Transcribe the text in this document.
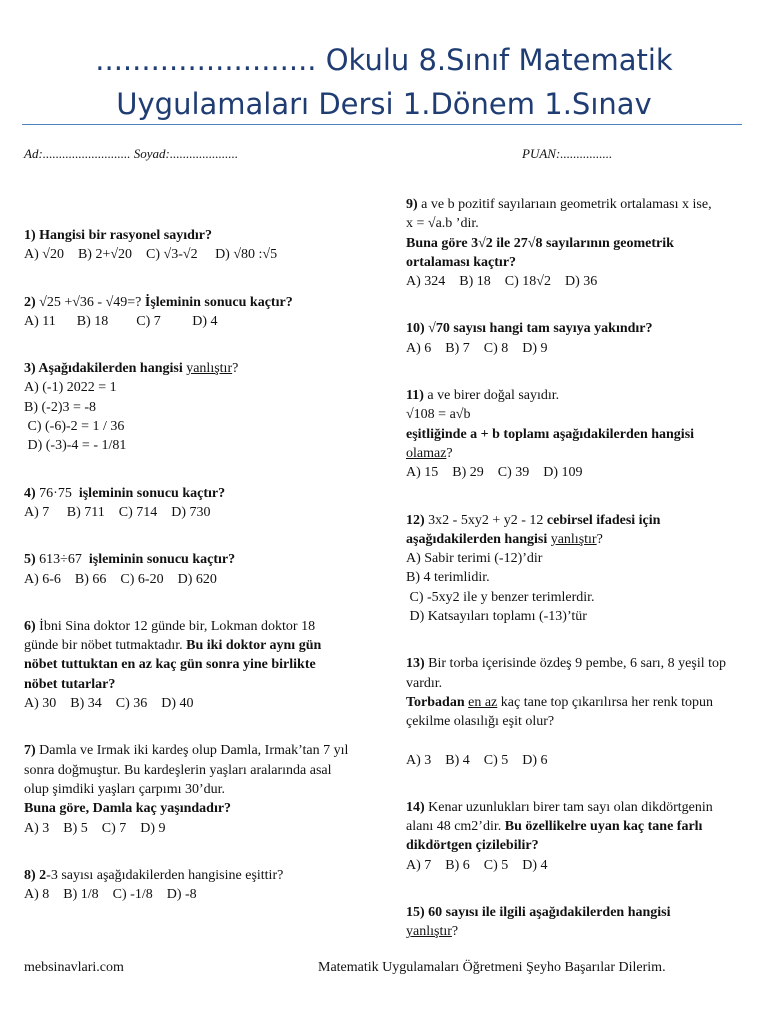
........................ Okulu 8.Sınıf Matematik
Uygulamaları Dersi 1.Dönem 1.Sınav
Ad:........................... Soyad:.....................	PUAN:................
1) Hangisi bir rasyonel sayıdır?
A) √20    B) 2+√20    C) √3-√2     D) √80 :√5
2) √25 +√36 - √49=? İşleminin sonucu kaçtır?
A) 11      B) 18        C) 7         D) 4
3) Aşağıdakilerden hangisi yanlıştır?
A) (-1) 2022 = 1
B) (-2)3 = -8
C) (-6)-2 = 1 / 36
D) (-3)-4 = - 1/81
4) 76·75  işleminin sonucu kaçtır?
A) 7     B) 711    C) 714    D) 730
5) 613÷67  işleminin sonucu kaçtır?
A) 6-6    B) 66    C) 6-20    D) 620
6) İbni Sina doktor 12 günde bir, Lokman doktor 18
günde bir nöbet tutmaktadır. Bu iki doktor aynı gün
nöbet tuttuktan en az kaç gün sonra yine birlikte
nöbet tutarlar?
A) 30    B) 34    C) 36    D) 40
7) Damla ve Irmak iki kardeş olup Damla, Irmak’tan 7 yıl
sonra doğmuştur. Bu kardeşlerin yaşları aralarında asal
olup şimdiki yaşları çarpımı 30’dur.
Buna göre, Damla kaç yaşındadır?
A) 3    B) 5    C) 7    D) 9
8) 2-3 sayısı aşağıdakilerden hangisine eşittir?
A) 8    B) 1/8    C) -1/8    D) -8
9) a ve b pozitif sayılarıaın geometrik ortalaması x ise,
x = √a.b ’dir.
Buna göre 3√2 ile 27√8 sayılarının geometrik
ortalaması kaçtır?
A) 324    B) 18    C) 18√2    D) 36
10) √70 sayısı hangi tam sayıya yakındır?
A) 6    B) 7    C) 8    D) 9
11) a ve birer doğal sayıdır.
√108 = a√b
eşitliğinde a + b toplamı aşağıdakilerden hangisi
olamaz?
A) 15    B) 29    C) 39    D) 109
12) 3x2 - 5xy2 + y2 - 12 cebirsel ifadesi için
aşağıdakilerden hangisi yanlıştır?
A) Sabir terimi (-12)’dir
B) 4 terimlidir.
C) -5xy2 ile y benzer terimlerdir.
D) Katsayıları toplamı (-13)’tür
13) Bir torba içerisinde özdeş 9 pembe, 6 sarı, 8 yeşil top
vardır.
Torbadan en az kaç tane top çıkarılırsa her renk topun
çekilme olasılığı eşit olur?
A) 3    B) 4    C) 5    D) 6
14) Kenar uzunlukları birer tam sayı olan dikdörtgenin
alanı 48 cm2’dir. Bu özellikelre uyan kaç tane farlı
dikdörtgen çizilebilir?
A) 7    B) 6    C) 5    D) 4
15) 60 sayısı ile ilgili aşağıdakilerden hangisi
yanlıştır?
mebsinavlari.com	Matematik Uygulamaları Öğretmeni Şeyho Başarılar Dilerim.
